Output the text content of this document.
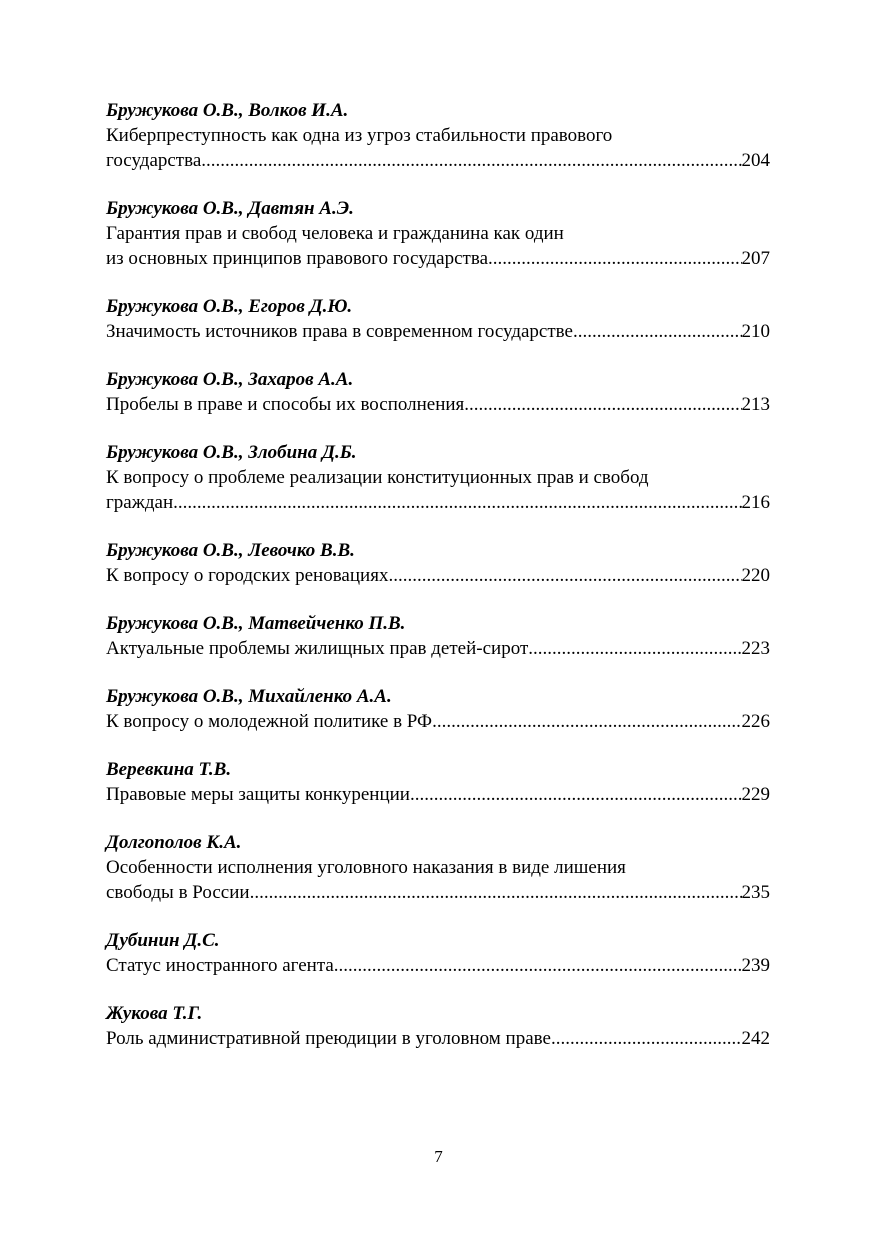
Бружукова О.В., Волков И.А.
Киберпреступность как одна из угроз стабильности правового
государства .....	204
Бружукова О.В., Давтян А.Э.
Гарантия прав и свобод человека и гражданина как один
из основных принципов правового государства .....	207
Бружукова О.В., Егоров Д.Ю.
Значимость источников права в современном государстве .....	210
Бружукова О.В., Захаров А.А.
Пробелы в праве и способы их восполнения .....	213
Бружукова О.В., Злобина Д.Б.
К вопросу о проблеме реализации конституционных прав и свобод
граждан .....	216
Бружукова О.В., Левочко В.В.
К вопросу о городских реновациях .....	220
Бружукова О.В., Матвейченко П.В.
Актуальные проблемы жилищных прав детей-сирот .....	223
Бружукова О.В., Михайленко А.А.
К вопросу о молодежной политике в РФ .....	226
Веревкина Т.В.
Правовые меры защиты конкуренции .....	229
Долгополов К.А.
Особенности исполнения уголовного наказания в виде лишения
свободы в России .....	235
Дубинин Д.С.
Статус иностранного агента .....	239
Жукова Т.Г.
Роль административной преюдиции в уголовном праве .....	242
7
